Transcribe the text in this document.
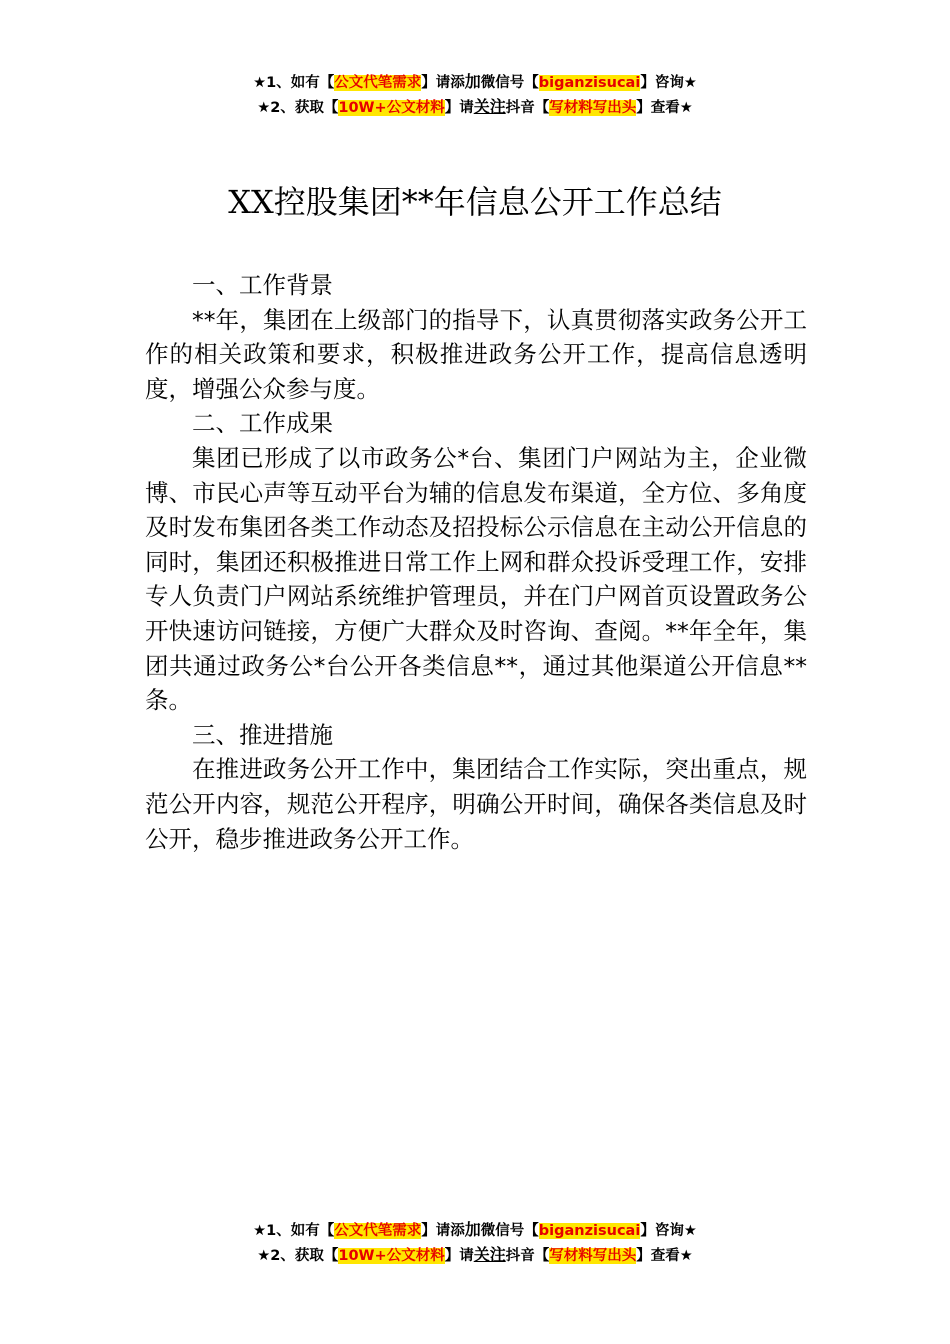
★1、如有【公文代笔需求】请添加微信号【biganzisucai】咨询★
★2、获取【10W+公文材料】请关注抖音【写材料写出头】查看★
XX控股集团**年信息公开工作总结
一、工作背景

**年，集团在上级部门的指导下，认真贯彻落实政务公开工作的相关政策和要求，积极推进政务公开工作，提高信息透明度，增强公众参与度。

二、工作成果

集团已形成了以市政务公*台、集团门户网站为主，企业微博、市民心声等互动平台为辅的信息发布渠道，全方位、多角度及时发布集团各类工作动态及招投标公示信息在主动公开信息的同时，集团还积极推进日常工作上网和群众投诉受理工作，安排专人负责门户网站系统维护管理员，并在门户网首页设置政务公开快速访问链接，方便广大群众及时咨询、查阅。**年全年，集团共通过政务公*台公开各类信息**，通过其他渠道公开信息**条。

三、推进措施

在推进政务公开工作中，集团结合工作实际，突出重点，规范公开内容，规范公开程序，明确公开时间，确保各类信息及时公开，稳步推进政务公开工作。

★1、如有【公文代笔需求】请添加微信号【biganzisucai】咨询★
★2、获取【10W+公文材料】请关注抖音【写材料写出头】查看★
